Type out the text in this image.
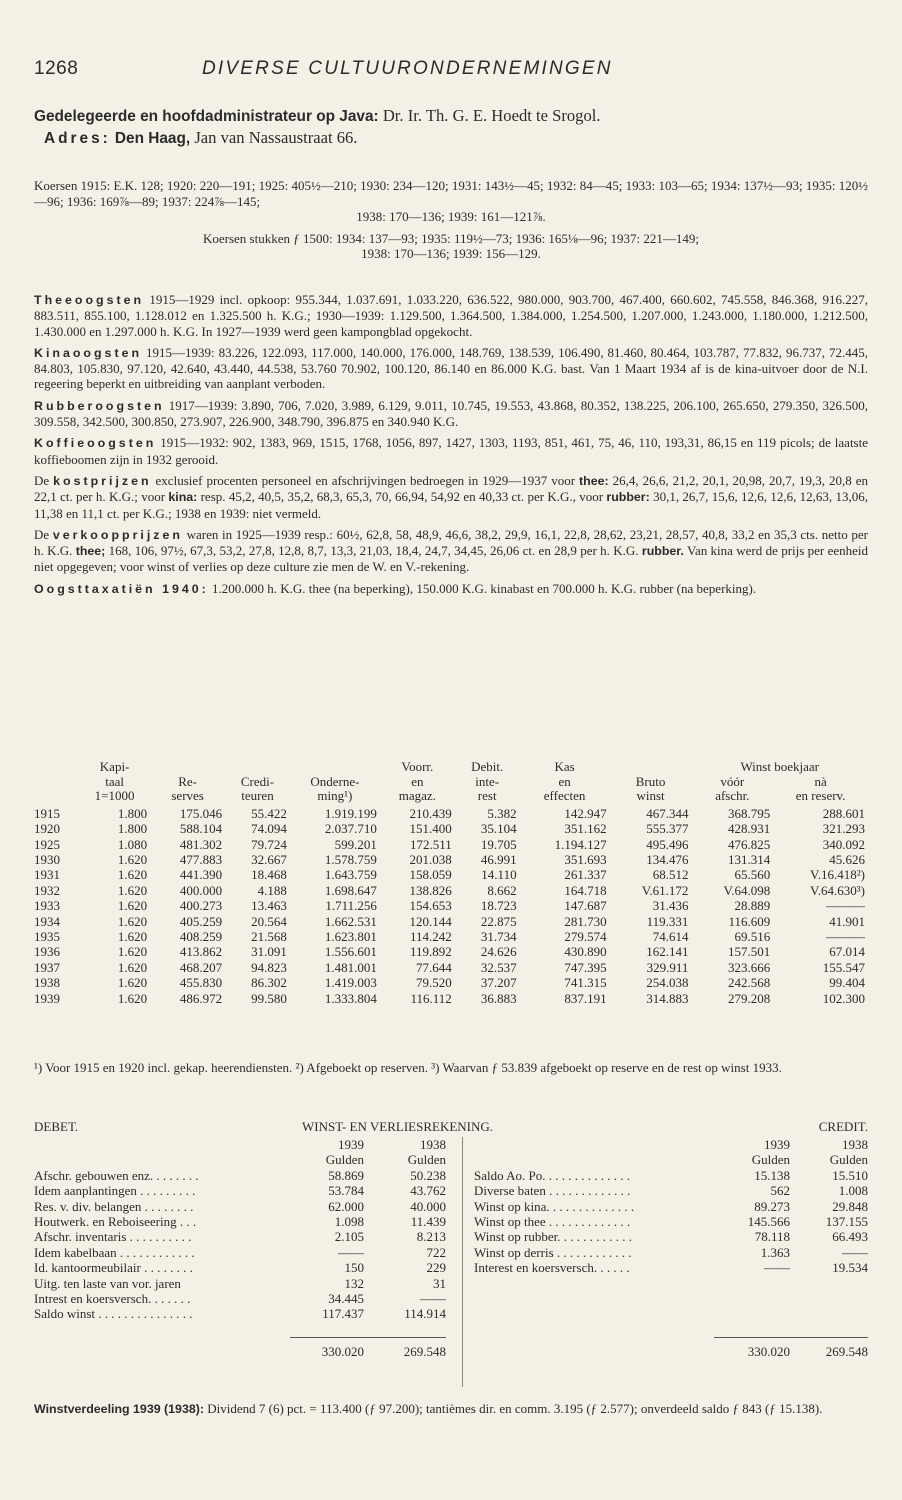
1268	DIVERSE CULTUURONDERNEMINGEN
Gedelegeerde en hoofdadministrateur op Java: Dr. Ir. Th. G. E. Hoedt te Srogol.
Adres: Den Haag, Jan van Nassaustraat 66.

Koersen 1915: E.K. 128; 1920: 220—191; 1925: 405½—210; 1930: 234—120; 1931: 143½—45; 1932: 84—45; 1933: 103—65; 1934: 137½—93; 1935: 120½—96; 1936: 169⅞—89; 1937: 224⅞—145;

1938: 170—136; 1939: 161—121⅞.

Koersen stukken ƒ 1500: 1934: 137—93; 1935: 119½—73; 1936: 165⅛—96; 1937: 221—149;
1938: 170—136; 1939: 156—129.

Theeoogsten 1915—1929 incl. opkoop: 955.344, 1.037.691, 1.033.220, 636.522, 980.000, 903.700, 467.400, 660.602, 745.558, 846.368, 916.227, 883.511, 855.100, 1.128.012 en 1.325.500 h. K.G.; 1930—1939: 1.129.500, 1.364.500, 1.384.000, 1.254.500, 1.207.000, 1.243.000, 1.180.000, 1.212.500, 1.430.000 en 1.297.000 h. K.G. In 1927—1939 werd geen kampongblad opgekocht.

Kinaoogsten 1915—1939: 83.226, 122.093, 117.000, 140.000, 176.000, 148.769, 138.539, 106.490, 81.460, 80.464, 103.787, 77.832, 96.737, 72.445, 84.803, 105.830, 97.120, 42.640, 43.440, 44.538, 53.760 70.902, 100.120, 86.140 en 86.000 K.G. bast. Van 1 Maart 1934 af is de kina-uitvoer door de N.I. regeering beperkt en uitbreiding van aanplant verboden.

Rubberoogsten 1917—1939: 3.890, 706, 7.020, 3.989, 6.129, 9.011, 10.745, 19.553, 43.868, 80.352, 138.225, 206.100, 265.650, 279.350, 326.500, 309.558, 342.500, 300.850, 273.907, 226.900, 348.790, 396.875 en 340.940 K.G.

Koffieoogsten 1915—1932: 902, 1383, 969, 1515, 1768, 1056, 897, 1427, 1303, 1193, 851, 461, 75, 46, 110, 193,31, 86,15 en 119 picols; de laatste koffieboomen zijn in 1932 gerooid.

De kostprijzen exclusief procenten personeel en afschrijvingen bedroegen in 1929—1937 voor thee: 26,4, 26,6, 21,2, 20,1, 20,98, 20,7, 19,3, 20,8 en 22,1 ct. per h. K.G.; voor kina: resp. 45,2, 40,5, 35,2, 68,3, 65,3, 70, 66,94, 54,92 en 40,33 ct. per K.G., voor rubber: 30,1, 26,7, 15,6, 12,6, 12,6, 12,63, 13,06, 11,38 en 11,1 ct. per K.G.; 1938 en 1939: niet vermeld.

De verkoopprijzen waren in 1925—1939 resp.: 60½, 62,8, 58, 48,9, 46,6, 38,2, 29,9, 16,1, 22,8, 28,62, 23,21, 28,57, 40,8, 33,2 en 35,3 cts. netto per h. K.G. thee; 168, 106, 97½, 67,3, 53,2, 27,8, 12,8, 8,7, 13,3, 21,03, 18,4, 24,7, 34,45, 26,06 ct. en 28,9 per h. K.G. rubber. Van kina werd de prijs per eenheid niet opgegeven; voor winst of verlies op deze culture zie men de W. en V.-rekening.

Oogsttaxatiën 1940: 1.200.000 h. K.G. thee (na beperking), 150.000 K.G. kinabast en 700.000 h. K.G. rubber (na beperking).

	Kapi-				Voorr.	Debit.	Kas		Winst boekjaar	
	taal	Re-	Credi-	Onderne-	en	inte-	en	Bruto	vóór	nà
	1=1000	serves	teuren	ming¹)	magaz.	rest	effecten	winst	afschr.	en reserv.
1915	1.800	175.046	55.422	1.919.199	210.439	5.382	142.947	467.344	368.795	288.601
1920	1.800	588.104	74.094	2.037.710	151.400	35.104	351.162	555.377	428.931	321.293
1925	1.080	481.302	79.724	599.201	172.511	19.705	1.194.127	495.496	476.825	340.092
1930	1.620	477.883	32.667	1.578.759	201.038	46.991	351.693	134.476	131.314	45.626
1931	1.620	441.390	18.468	1.643.759	158.059	14.110	261.337	68.512	65.560	V.16.418²)
1932	1.620	400.000	4.188	1.698.647	138.826	8.662	164.718	V.61.172	V.64.098	V.64.630³)
1933	1.620	400.273	13.463	1.711.256	154.653	18.723	147.687	31.436	28.889	———
1934	1.620	405.259	20.564	1.662.531	120.144	22.875	281.730	119.331	116.609	41.901
1935	1.620	408.259	21.568	1.623.801	114.242	31.734	279.574	74.614	69.516	———
1936	1.620	413.862	31.091	1.556.601	119.892	24.626	430.890	162.141	157.501	67.014
1937	1.620	468.207	94.823	1.481.001	77.644	32.537	747.395	329.911	323.666	155.547
1938	1.620	455.830	86.302	1.419.003	79.520	37.207	741.315	254.038	242.568	99.404
1939	1.620	486.972	99.580	1.333.804	116.112	36.883	837.191	314.883	279.208	102.300
¹) Voor 1915 en 1920 incl. gekap. heerendiensten. ²) Afgeboekt op reserven. ³) Waarvan ƒ 53.839 afgeboekt op reserve en de rest op winst 1933.
DEBET.	WINST- EN VERLIESREKENING.	CREDIT.
	1939	1938
	Gulden	Gulden
Afschr. gebouwen enz. . . . . . . .	58.869	50.238
Idem aanplantingen . . . . . . . . .	53.784	43.762
Res. v. div. belangen . . . . . . . .	62.000	40.000
Houtwerk. en Reboiseering . . .	1.098	11.439
Afschr. inventaris . . . . . . . . . .	2.105	8.213
Idem kabelbaan . . . . . . . . . . . .	——	722
Id. kantoormeubilair . . . . . . . .	150	229
Uitg. ten laste van vor. jaren	132	31
Intrest en koersversch. . . . . . .	34.445	——
Saldo winst . . . . . . . . . . . . . . .	117.437	114.914

	330.020	269.548
	1939	1938
	Gulden	Gulden
Saldo Ao. Po. . . . . . . . . . . . . .	15.138	15.510
Diverse baten . . . . . . . . . . . . .	562	1.008
Winst op kina. . . . . . . . . . . . . .	89.273	29.848
Winst op thee . . . . . . . . . . . . .	145.566	137.155
Winst op rubber. . . . . . . . . . . .	78.118	66.493
Winst op derris . . . . . . . . . . . .	1.363	——
Interest en koersversch. . . . . .	——	19.534

	330.020	269.548
Winstverdeeling 1939 (1938): Dividend 7 (6) pct. = 113.400 (ƒ 97.200); tantièmes dir. en comm. 3.195 (ƒ 2.577); onverdeeld saldo ƒ 843 (ƒ 15.138).
